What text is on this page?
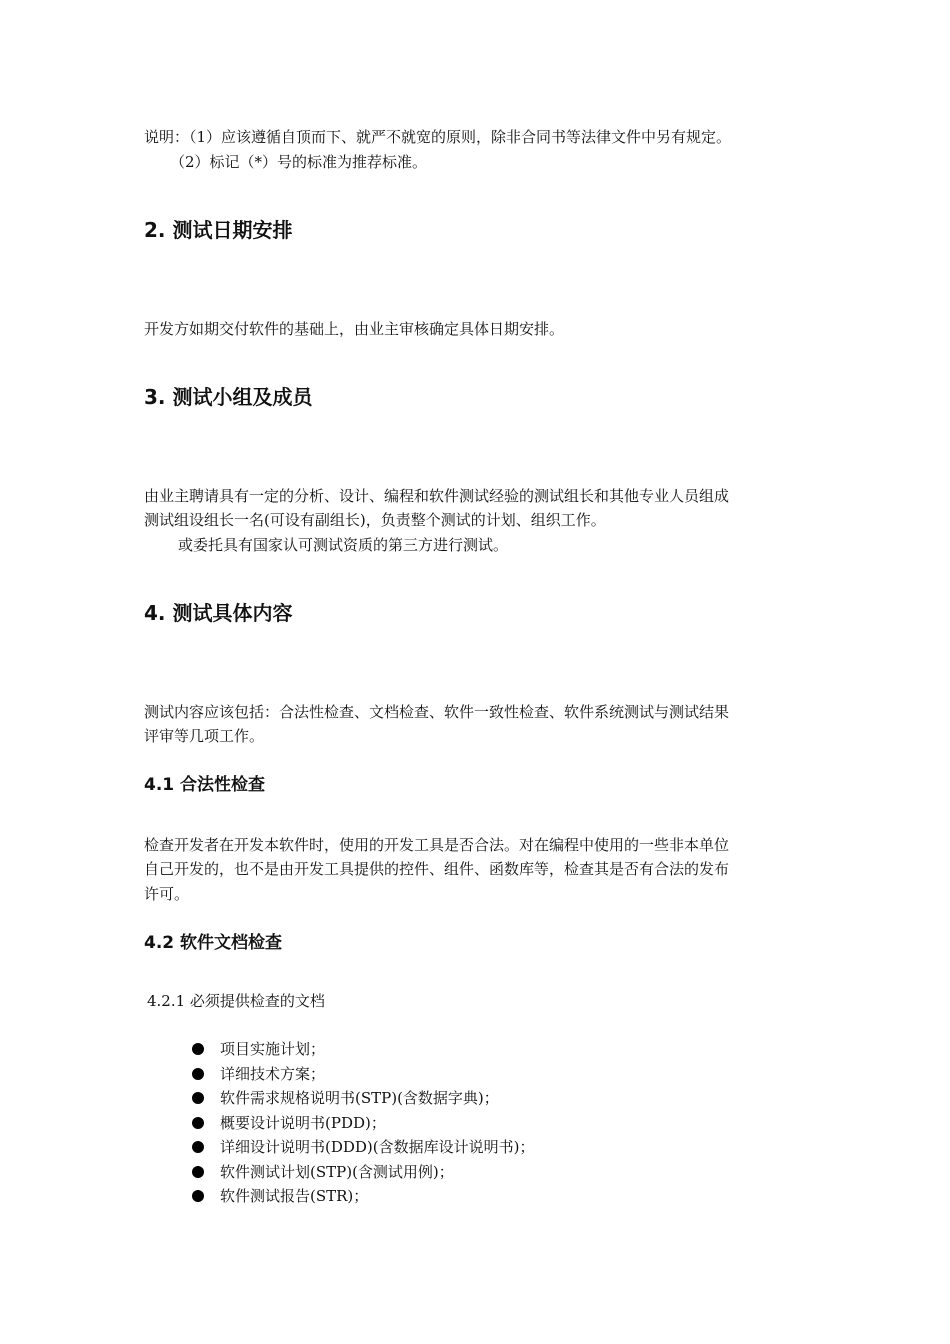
说明：（1）应该遵循自顶而下、就严不就宽的原则，除非合同书等法律文件中另有规定。
（2）标记（*）号的标准为推荐标准。
2. 测试日期安排
开发方如期交付软件的基础上，由业主审核确定具体日期安排。
3. 测试小组及成员
由业主聘请具有一定的分析、设计、编程和软件测试经验的测试组长和其他专业人员组成
测试组设组长一名(可设有副组长)，负责整个测试的计划、组织工作。
或委托具有国家认可测试资质的第三方进行测试。
4. 测试具体内容
测试内容应该包括：合法性检查、文档检查、软件一致性检查、软件系统测试与测试结果
评审等几项工作。
4.1 合法性检查
检查开发者在开发本软件时，使用的开发工具是否合法。对在编程中使用的一些非本单位
自己开发的，也不是由开发工具提供的控件、组件、函数库等，检查其是否有合法的发布
许可。
4.2 软件文档检查
4.2.1 必须提供检查的文档
项目实施计划；
详细技术方案；
软件需求规格说明书(STP)(含数据字典)；
概要设计说明书(PDD)；
详细设计说明书(DDD)(含数据库设计说明书)；
软件测试计划(STP)(含测试用例)；
软件测试报告(STR)；
